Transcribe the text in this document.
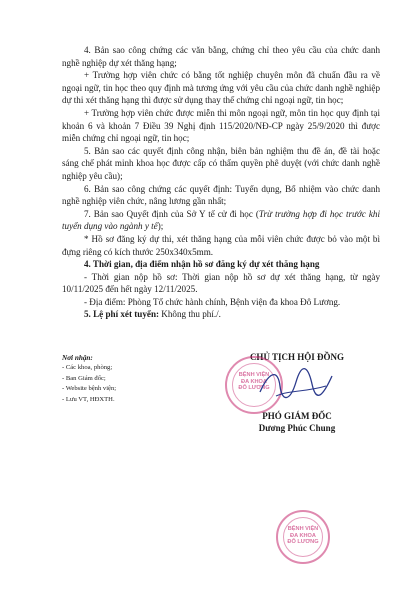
4. Bản sao công chứng các văn bằng, chứng chỉ theo yêu cầu của chức danh nghề nghiệp dự xét thăng hạng;

+ Trường hợp viên chức có bằng tốt nghiệp chuyên môn đã chuẩn đầu ra về ngoại ngữ, tin học theo quy định mà tương ứng với yêu cầu của chức danh nghề nghiệp dự thi xét thăng hạng thì được sử dụng thay thế chứng chỉ ngoại ngữ, tin học;

+ Trường hợp viên chức được miễn thi môn ngoại ngữ, môn tin học quy định tại khoản 6 và khoản 7 Điều 39 Nghị định 115/2020/NĐ-CP ngày 25/9/2020 thì được miễn chứng chỉ ngoại ngữ, tin học;

5. Bản sao các quyết định công nhận, biên bản nghiệm thu đề án, đề tài hoặc sáng chế phát minh khoa học được cấp có thẩm quyền phê duyệt (với chức danh nghề nghiệp yêu cầu);

6. Bản sao công chứng các quyết định: Tuyển dụng, Bổ nhiệm vào chức danh nghề nghiệp viên chức, nâng lương gần nhất;

7. Bản sao Quyết định của Sở Y tế cử đi học (Trừ trường hợp đi học trước khi tuyển dụng vào ngành y tế);

* Hồ sơ đăng ký dự thi, xét thăng hạng của mỗi viên chức được bỏ vào một bì đựng riêng có kích thước 250x340x5mm.

4. Thời gian, địa điểm nhận hồ sơ đăng ký dự xét thăng hạng

- Thời gian nộp hồ sơ: Thời gian nộp hồ sơ dự xét thăng hạng, từ ngày 10/11/2025 đến hết ngày 12/11/2025.

- Địa điểm: Phòng Tổ chức hành chính, Bệnh viện đa khoa Đô Lương.

5. Lệ phí xét tuyển: Không thu phí./.

Nơi nhận:
- Các khoa, phòng;
- Ban Giám đốc;
- Website bệnh viện;
- Lưu VT, HĐXTH.
CHỦ TỊCH HỘI ĐỒNG
PHÓ GIÁM ĐỐC
Dương Phúc Chung
BỆNH VIỆN
ĐA KHOA
ĐÔ LƯƠNG
BỆNH VIỆN
ĐA KHOA
ĐÔ LƯƠNG
